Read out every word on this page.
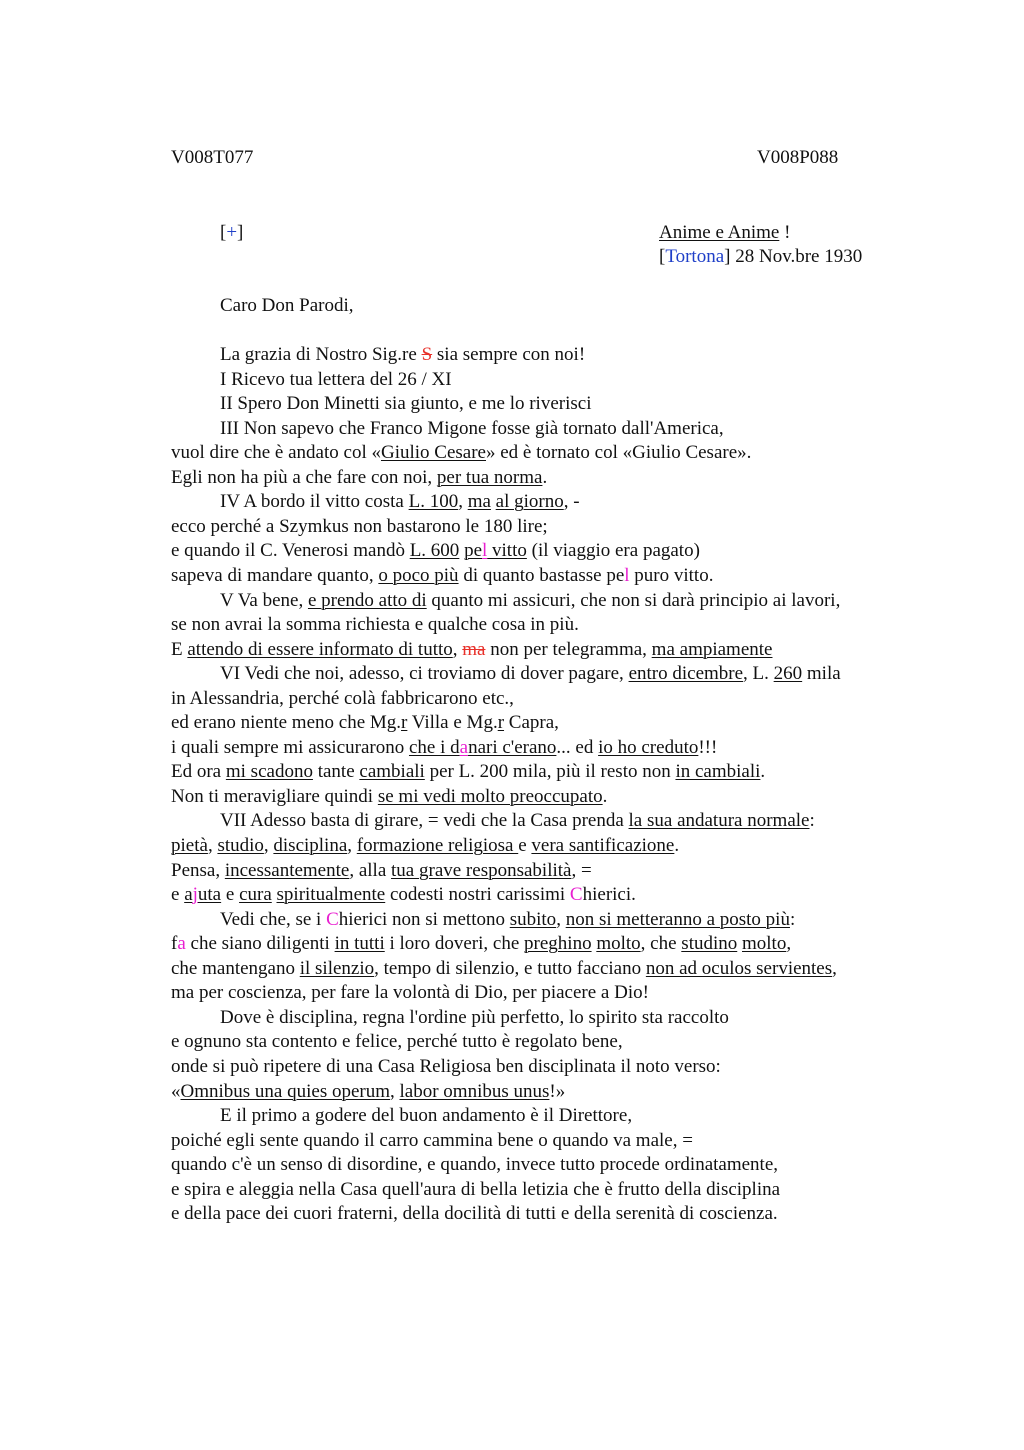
V008T077	V008P088
[+]	Anime e Anime !
[Tortona] 28 Nov.bre 1930
Caro Don Parodi,
La grazia di Nostro Sig.re S sia sempre con noi!
I Ricevo tua lettera del 26 / XI
II Spero Don Minetti sia giunto, e me lo riverisci
III Non sapevo che Franco Migone fosse già tornato dall'America,
vuol dire che è andato col «Giulio Cesare» ed è tornato col «Giulio Cesare».
Egli non ha più a che fare con noi, per tua norma.
IV A bordo il vitto costa L. 100, ma al giorno, -
ecco perché a Szymkus non bastarono le 180 lire;
e quando il C. Venerosi mandò L. 600 pel vitto (il viaggio era pagato)
sapeva di mandare quanto, o poco più di quanto bastasse pel puro vitto.
V Va bene, e prendo atto di quanto mi assicuri, che non si darà principio ai lavori,
se non avrai la somma richiesta e qualche cosa in più.
E attendo di essere informato di tutto, ma non per telegramma, ma ampiamente
VI Vedi che noi, adesso, ci troviamo di dover pagare, entro dicembre, L. 260 mila
in Alessandria, perché colà fabbricarono etc.,
ed erano niente meno che Mg.r Villa e Mg.r Capra,
i quali sempre mi assicurarono che i danari c'erano... ed io ho creduto!!!
Ed ora mi scadono tante cambiali per L. 200 mila, più il resto non in cambiali.
Non ti meravigliare quindi se mi vedi molto preoccupato.
VII Adesso basta di girare, = vedi che la Casa prenda la sua andatura normale:
pietà, studio, disciplina, formazione religiosa e vera santificazione.
Pensa, incessantemente, alla tua grave responsabilità, =
e ajuta e cura spiritualmente codesti nostri carissimi Chierici.
Vedi che, se i Chierici non si mettono subito, non si metteranno a posto più:
fa che siano diligenti in tutti i loro doveri, che preghino molto, che studino molto,
che mantengano il silenzio, tempo di silenzio, e tutto facciano non ad oculos servientes,
ma per coscienza, per fare la volontà di Dio, per piacere a Dio!
Dove è disciplina, regna l'ordine più perfetto, lo spirito sta raccolto
e ognuno sta contento e felice, perché tutto è regolato bene,
onde si può ripetere di una Casa Religiosa ben disciplinata il noto verso:
«Omnibus una quies operum, labor omnibus unus!»
E il primo a godere del buon andamento è il Direttore,
poiché egli sente quando il carro cammina bene o quando va male, =
quando c'è un senso di disordine, e quando, invece tutto procede ordinatamente,
e spira e aleggia nella Casa quell'aura di bella letizia che è frutto della disciplina
e della pace dei cuori fraterni, della docilità di tutti e della serenità di coscienza.
